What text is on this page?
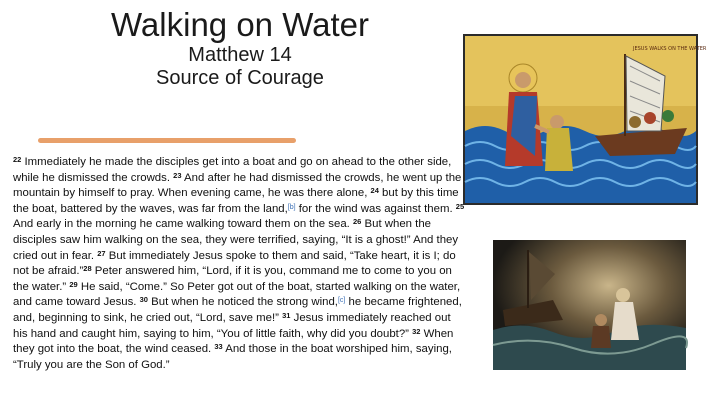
Walking on Water
Matthew 14
Source of Courage
$^{22}$ Immediately he made the disciples get into a boat and go on ahead to the other side, while he dismissed the crowds. $^{23}$ And after he had dismissed the crowds, he went up the mountain by himself to pray. When evening came, he was there alone, $^{24}$ but by this time the boat, battered by the waves, was far from the land,[b] for the wind was against them. $^{25}$ And early in the morning he came walking toward them on the sea. $^{26}$ But when the disciples saw him walking on the sea, they were terrified, saying, “It is a ghost!” And they cried out in fear. $^{27}$ But immediately Jesus spoke to them and said, “Take heart, it is I; do not be afraid.”$^{28}$ Peter answered him, “Lord, if it is you, command me to come to you on the water.” $^{29}$ He said, “Come.” So Peter got out of the boat, started walking on the water, and came toward Jesus. $^{30}$ But when he noticed the strong wind,[c] he became frightened, and, beginning to sink, he cried out, “Lord, save me!” $^{31}$ Jesus immediately reached out his hand and caught him, saying to him, “You of little faith, why did you doubt?” $^{32}$ When they got into the boat, the wind ceased. $^{33}$ And those in the boat worshiped him, saying, “Truly you are the Son of God.”
JESUS WALKS ON THE WATER
